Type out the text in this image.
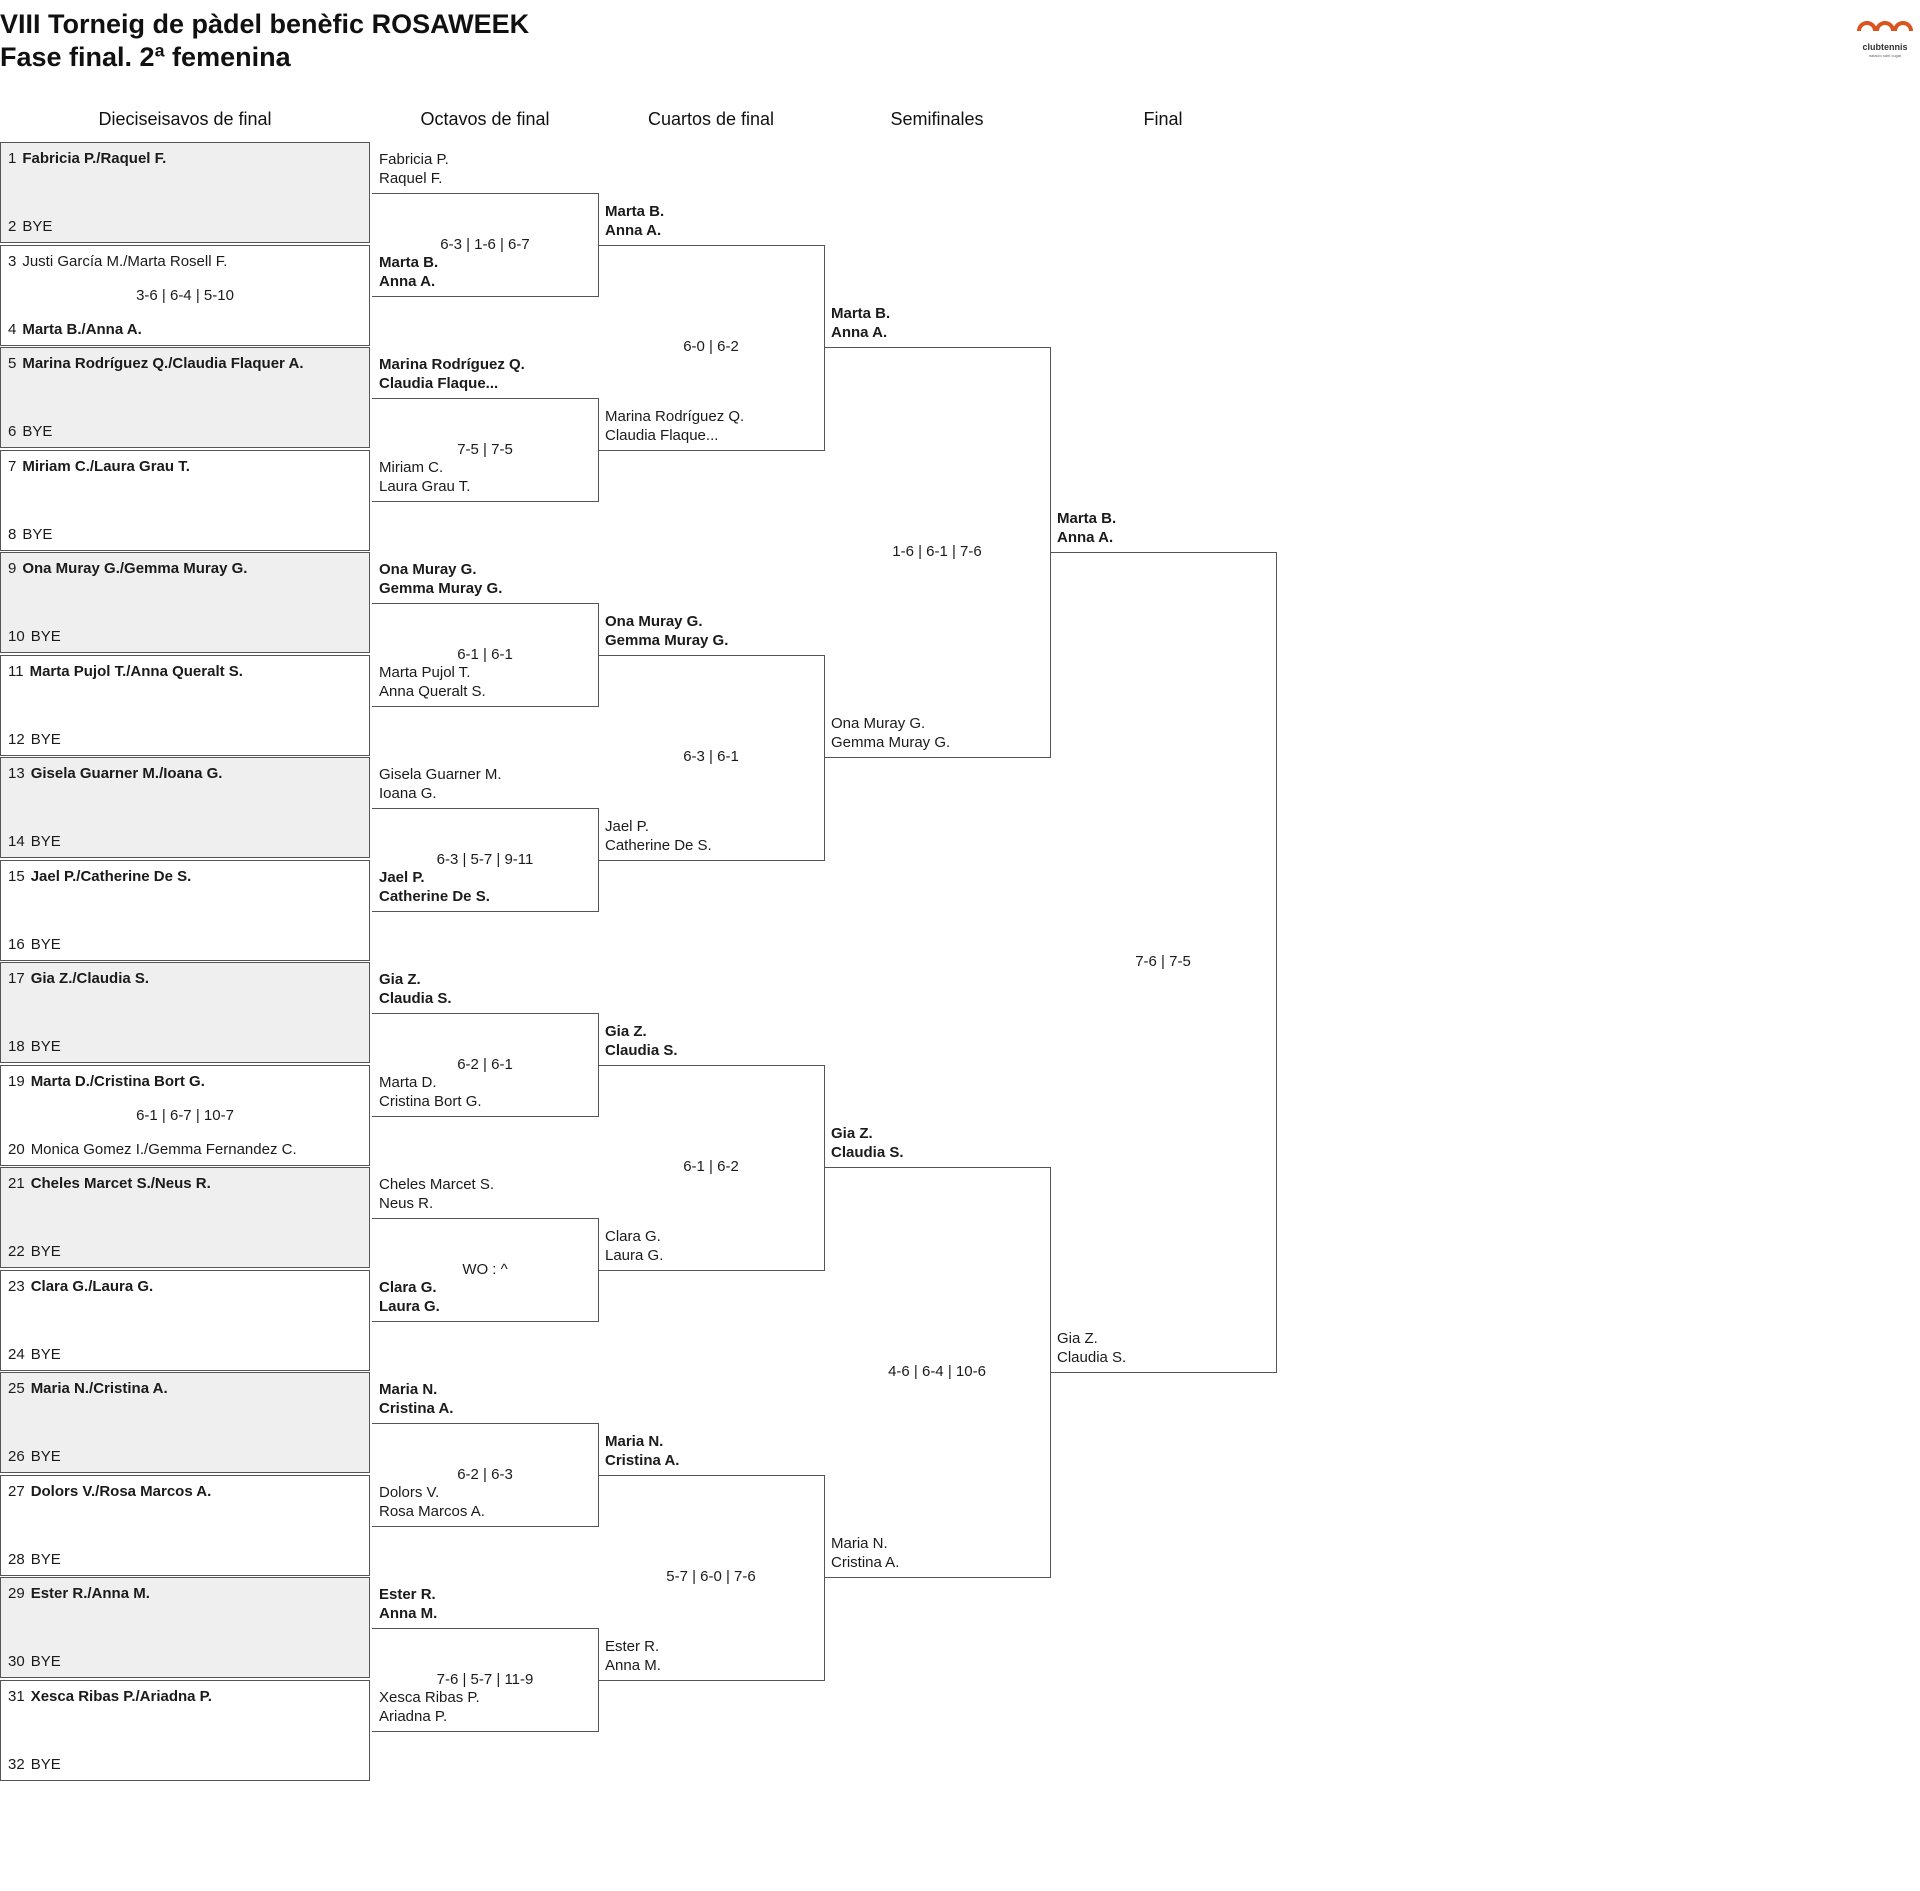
VIII Torneig de pàdel benèfic ROSAWEEK
Fase final. 2ª femenina	clubtennis
natació sant cugat
Dieciseisavos de final	Octavos de final	Cuartos de final	Semifinales	Final
1 Fabricia P./Raquel F.
2 BYE
3 Justi García M./Marta Rosell F.
4 Marta B./Anna A.
3-6 | 6-4 | 5-10
5 Marina Rodríguez Q./Claudia Flaquer A.
6 BYE
7 Miriam C./Laura Grau T.
8 BYE
9 Ona Muray G./Gemma Muray G.
10 BYE
11 Marta Pujol T./Anna Queralt S.
12 BYE
13 Gisela Guarner M./Ioana G.
14 BYE
15 Jael P./Catherine De S.
16 BYE
17 Gia Z./Claudia S.
18 BYE
19 Marta D./Cristina Bort G.
20 Monica Gomez I./Gemma Fernandez C.
6-1 | 6-7 | 10-7
21 Cheles Marcet S./Neus R.
22 BYE
23 Clara G./Laura G.
24 BYE
25 Maria N./Cristina A.
26 BYE
27 Dolors V./Rosa Marcos A.
28 BYE
29 Ester R./Anna M.
30 BYE
31 Xesca Ribas P./Ariadna P.
32 BYE
Fabricia P.
Raquel F.
Marta B.
Anna A.
6-3 | 1-6 | 6-7
Marina Rodríguez Q.
Claudia Flaque...
Miriam C.
Laura Grau T.
7-5 | 7-5
Ona Muray G.
Gemma Muray G.
Marta Pujol T.
Anna Queralt S.
6-1 | 6-1
Gisela Guarner M.
Ioana G.
Jael P.
Catherine De S.
6-3 | 5-7 | 9-11
Gia Z.
Claudia S.
Marta D.
Cristina Bort G.
6-2 | 6-1
Cheles Marcet S.
Neus R.
Clara G.
Laura G.
WO : ^
Maria N.
Cristina A.
Dolors V.
Rosa Marcos A.
6-2 | 6-3
Ester R.
Anna M.
Xesca Ribas P.
Ariadna P.
7-6 | 5-7 | 11-9
Marta B.
Anna A.
Marina Rodríguez Q.
Claudia Flaque...
6-0 | 6-2
Ona Muray G.
Gemma Muray G.
Jael P.
Catherine De S.
6-3 | 6-1
Gia Z.
Claudia S.
Clara G.
Laura G.
6-1 | 6-2
Maria N.
Cristina A.
Ester R.
Anna M.
5-7 | 6-0 | 7-6
Marta B.
Anna A.
Ona Muray G.
Gemma Muray G.
1-6 | 6-1 | 7-6
Gia Z.
Claudia S.
Maria N.
Cristina A.
4-6 | 6-4 | 10-6
Marta B.
Anna A.
Gia Z.
Claudia S.
7-6 | 7-5
